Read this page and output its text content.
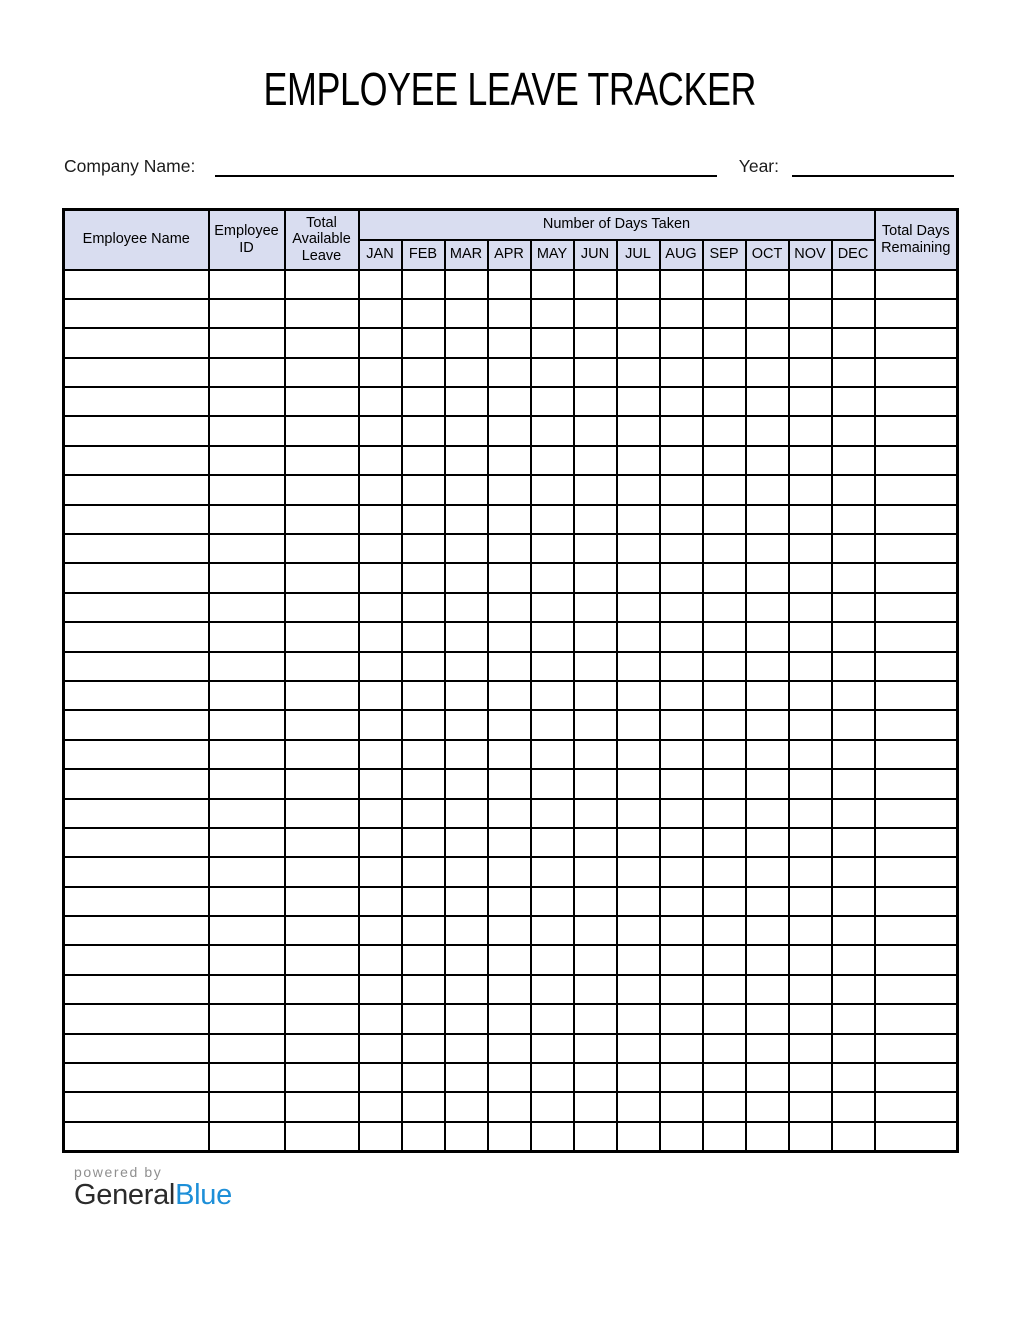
EMPLOYEE LEAVE TRACKER
Company Name:	Year:
Employee Name	Employee ID	Total Available Leave	Number of Days Taken												Total Days Remaining
			JAN	FEB	MAR	APR	MAY	JUN	JUL	AUG	SEP	OCT	NOV	DEC	

powered by
GeneralBlue
